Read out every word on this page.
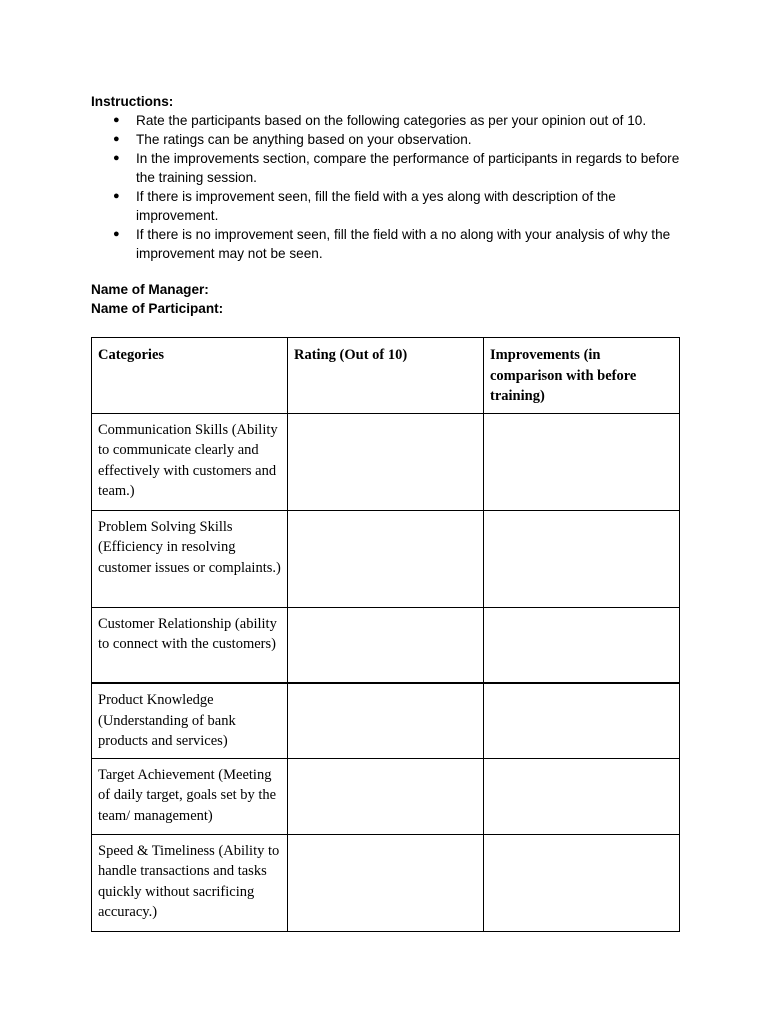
Instructions:
● Rate the participants based on the following categories as per your opinion out of 10.
● The ratings can be anything based on your observation.
● In the improvements section, compare the performance of participants in regards to before the training session.
● If there is improvement seen, fill the field with a yes along with description of the improvement.
● If there is no improvement seen, fill the field with a no along with your analysis of why the improvement may not be seen.
Name of Manager:
Name of Participant:
Categories	Rating (Out of 10)	Improvements (in comparison with before training)
Communication Skills (Ability to communicate clearly and effectively with customers and team.)		
Problem Solving Skills (Efficiency in resolving customer issues or complaints.)		
Customer Relationship (ability to connect with the customers)		
Product Knowledge (Understanding of bank products and services)		
Target Achievement (Meeting of daily target, goals set by the team/ management)		
Speed & Timeliness (Ability to handle transactions and tasks quickly without sacrificing accuracy.)		
